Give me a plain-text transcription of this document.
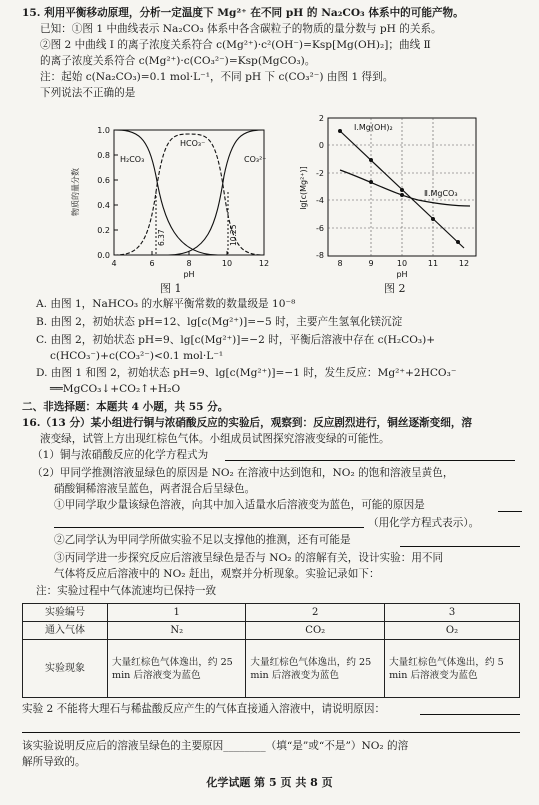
15. 利用平衡移动原理，分析一定温度下 Mg²⁺ 在不同 pH 的 Na₂CO₃ 体系中的可能产物。
已知：①图 1 中曲线表示 Na₂CO₃ 体系中各含碳粒子的物质的量分数与 pH 的关系。
②图 2 中曲线 Ⅰ 的离子浓度关系符合 c(Mg²⁺)·c²(OH⁻)=Ksp[Mg(OH)₂]；曲线 Ⅱ
的离子浓度关系符合 c(Mg²⁺)·c(CO₃²⁻)=Ksp(MgCO₃)。
注：起始 c(Na₂CO₃)=0.1 mol·L⁻¹，不同 pH 下 c(CO₃²⁻) 由图 1 得到。
下列说法不正确的是
1.0
0.8
0.6
0.4
0.2
0.0
4	6	8	10	12
pH
物质的量分数
6.37	10.25
H₂CO₃
HCO₃⁻
CO₃²⁻
图 1
2
0
-2
-4
-6
-8
8	9	10	11	12
pH
lg[c(Mg²⁺)]
Ⅰ.Mg(OH)₂
Ⅱ.MgCO₃
图 2
A. 由图 1，NaHCO₃ 的水解平衡常数的数量级是 10⁻⁸
B. 由图 2，初始状态 pH=12、lg[c(Mg²⁺)]=−5 时，主要产生氢氧化镁沉淀
C. 由图 2，初始状态 pH=9、lg[c(Mg²⁺)]=−2 时，平衡后溶液中存在 c(H₂CO₃)+
c(HCO₃⁻)+c(CO₃²⁻)<0.1 mol·L⁻¹
D. 由图 1 和图 2，初始状态 pH=9、lg[c(Mg²⁺)]=−1 时，发生反应：Mg²⁺+2HCO₃⁻
══MgCO₃↓+CO₂↑+H₂O
二、非选择题：本题共 4 小题，共 55 分。
16.（13 分）某小组进行铜与浓硝酸反应的实验后，观察到：反应剧烈进行，铜丝逐渐变细，溶
液变绿，试管上方出现红棕色气体。小组成员试图探究溶液变绿的可能性。
（1）铜与浓硝酸反应的化学方程式为
（2）甲同学推测溶液显绿色的原因是 NO₂ 在溶液中达到饱和，NO₂ 的饱和溶液呈黄色，
硝酸铜稀溶液呈蓝色，两者混合后呈绿色。
①甲同学取少量该绿色溶液，向其中加入适量水后溶液变为蓝色，可能的原因是
（用化学方程式表示）。
②乙同学认为甲同学所做实验不足以支撑他的推测，还有可能是
③丙同学进一步探究反应后溶液呈绿色是否与 NO₂ 的溶解有关，设计实验：用不同
气体将反应后溶液中的 NO₂ 赶出，观察并分析现象。实验记录如下：
注：实验过程中气体流速均已保持一致
实验编号	1	2	3
通入气体	N₂	CO₂	O₂
实验现象	大量红棕色气体逸出，约 25 min 后溶液变为蓝色	大量红棕色气体逸出，约 25 min 后溶液变为蓝色	大量红棕色气体逸出，约 5 min 后溶液变为蓝色
实验 2 不能将大理石与稀盐酸反应产生的气体直接通入溶液中，请说明原因：
该实验说明反应后的溶液呈绿色的主要原因________（填“是”或“不是”）NO₂ 的溶
解所导致的。
化学试题 第 5 页 共 8 页
